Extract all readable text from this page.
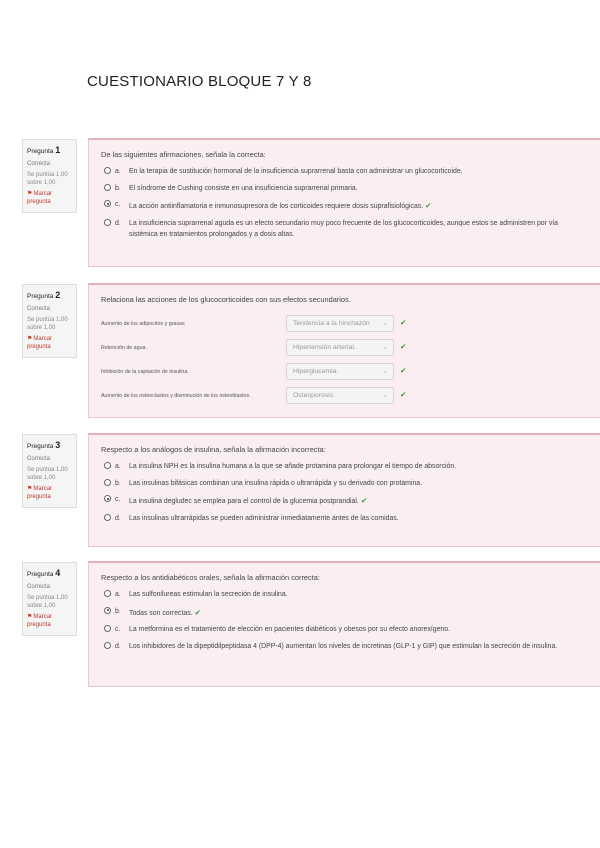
CUESTIONARIO BLOQUE 7 Y 8
Pregunta 1
Correcta
Se puntúa 1,00 sobre 1,00
⚑Marcar pregunta
De las siguientes afirmaciones, señala la correcta:
a. En la terapia de sustitución hormonal de la insuficiencia suprarrenal basta con administrar un glucocorticoide.
b. El síndrome de Cushing consiste en una insuficiencia suprarrenal primaria.
c. La acción antiinflamatoria e inmunosupresora de los corticoides requiere dosis suprafisiológicas. ✔
d. La insuficiencia suprarrenal aguda es un efecto secundario muy poco frecuente de los glucocorticoides, aunque estos se administren por vía sistémica en tratamientos prolongados y a dosis altas.
Pregunta 2
Correcta
Se puntúa 1,00 sobre 1,00
⚑Marcar pregunta
Relaciona las acciones de los glucocorticoides con sus efectos secundarios.
Aumento de los adipocitos y grasas	Tendencia a la hinchazón ⌄ ✔
Retención de agua.	Hipertensión arterial.	⌄ ✔
Inhibición de la captación de insulina.	Hiperglucemia.	⌄ ✔
Aumento de los osteoclastos y disminución de los osteoblastos.	Osteoporosis.	⌄ ✔
Pregunta 3
Correcta
Se puntúa 1,00 sobre 1,00
⚑Marcar pregunta
Respecto a los análogos de insulina, señala la afirmación incorrecta:
a. La insulina NPH es la insulina humana a la que se añade protamina para prolongar el tiempo de absorción.
b. Las insulinas bifásicas combinan una insulina rápida o ultrarrápida y su derivado con protamina.
c. La insulina degludec se emplea para el control de la glucemia postprandial. ✔
d. Las insulinas ultrarrápidas se pueden administrar inmediatamente antes de las comidas.
Pregunta 4
Correcta
Se puntúa 1,00 sobre 1,00
⚑Marcar pregunta
Respecto a los antidiabéticos orales, señala la afirmación correcta:
a. Las sulfonilureas estimulan la secreción de insulina.
b. Todas son correctas. ✔
c. La metformina es el tratamiento de elección en pacientes diabéticos y obesos por su efecto anorexígeno.
d. Los inhibidores de la dipeptidilpeptidasa 4 (DPP-4) aumentan los niveles de incretinas (GLP-1 y GIP) que estimulan la secreción de insulina.
